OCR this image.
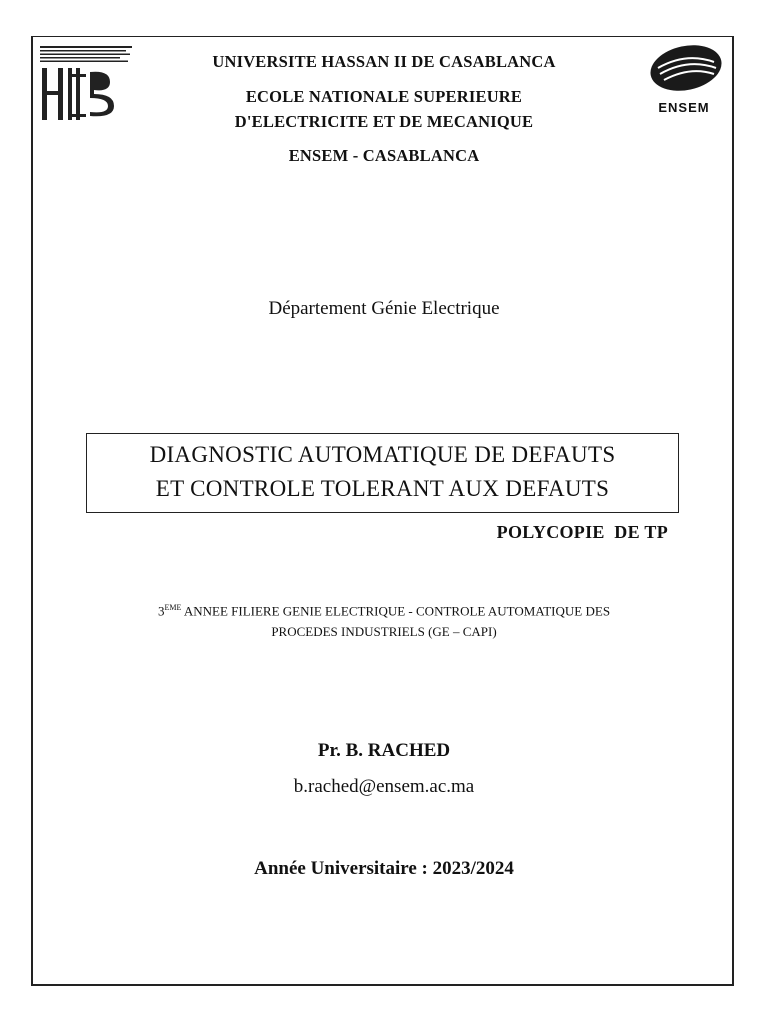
ENSEM
UNIVERSITE HASSAN II DE CASABLANCA
ECOLE NATIONALE SUPERIEURE
D'ELECTRICITE ET DE MECANIQUE
ENSEM - CASABLANCA
Département Génie Electrique
DIAGNOSTIC AUTOMATIQUE DE DEFAUTS
ET CONTROLE TOLERANT AUX DEFAUTS
POLYCOPIE  DE TP
3EME ANNEE FILIERE GENIE ELECTRIQUE - CONTROLE AUTOMATIQUE DES
PROCEDES INDUSTRIELS (GE – CAPI)
Pr. B. RACHED
b.rached@ensem.ac.ma
Année Universitaire : 2023/2024
